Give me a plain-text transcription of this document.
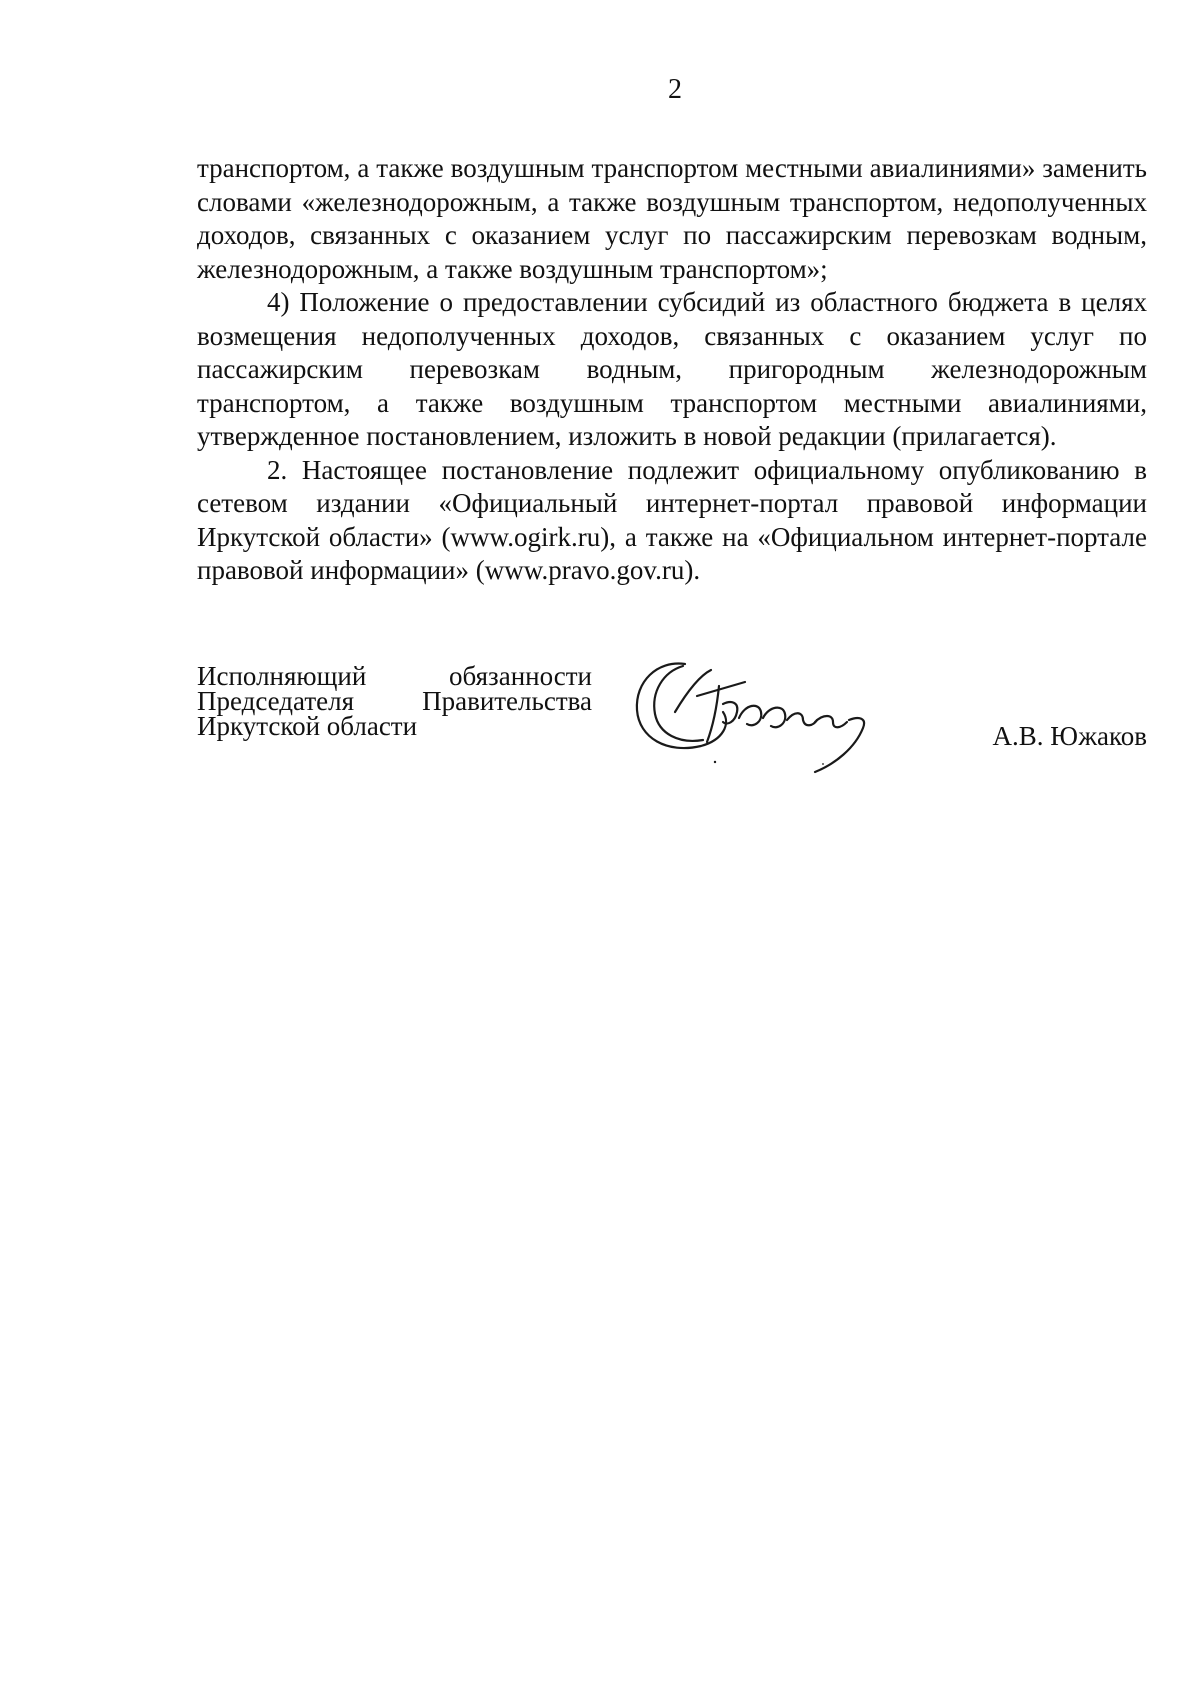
2

транспортом, а также воздушным транспортом местными авиалиниями» заменить словами «железнодорожным, а также воздушным транспортом, недополученных доходов, связанных с оказанием услуг по пассажирским перевозкам водным, железнодорожным, а также воздушным транспортом»;

4) Положение о предоставлении субсидий из областного бюджета в целях возмещения недополученных доходов, связанных с оказанием услуг по пассажирским перевозкам водным, пригородным железнодорожным транспортом, а также воздушным транспортом местными авиалиниями, утвержденное постановлением, изложить в новой редакции (прилагается).

2. Настоящее постановление подлежит официальному опубликованию в сетевом издании «Официальный интернет-портал правовой информации Иркутской области» (www.ogirk.ru), а также на «Официальном интернет-портале правовой информации» (www.pravo.gov.ru).

Исполняющий обязанности
Председателя Правительства
Иркутской области	А.В. Южаков
